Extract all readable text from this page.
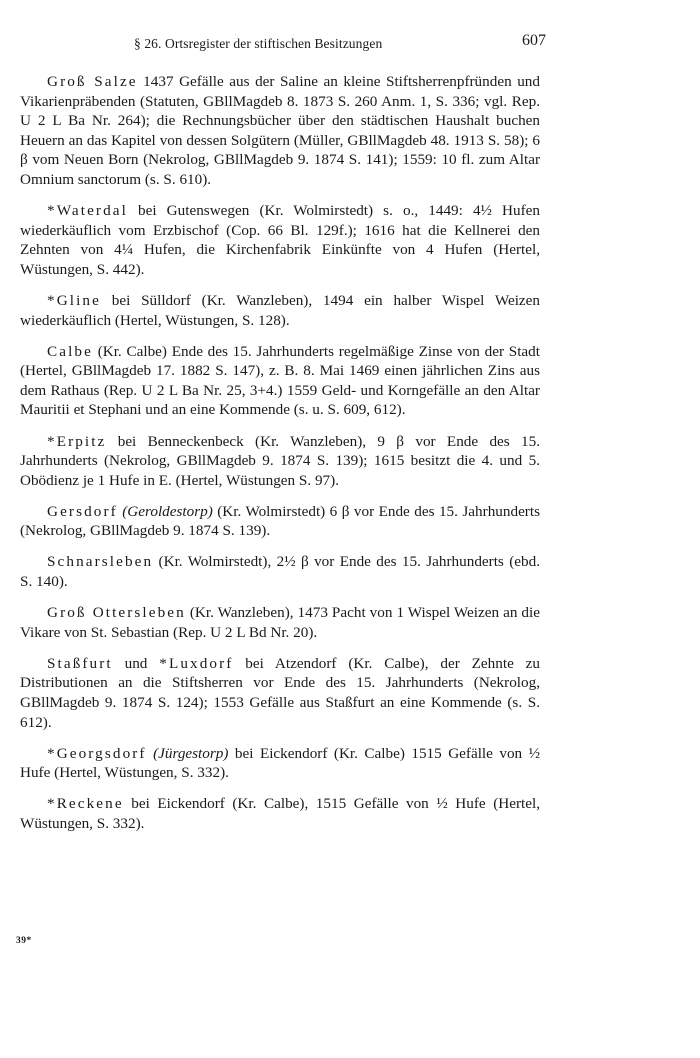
§ 26. Ortsregister der stiftischen Besitzungen	607

Groß Salze 1437 Gefälle aus der Saline an kleine Stiftsherrenpfründen und Vikarienpräbenden (Statuten, GBllMagdeb 8. 1873 S. 260 Anm. 1, S. 336; vgl. Rep. U 2 L Ba Nr. 264); die Rechnungsbücher über den städtischen Haushalt buchen Heuern an das Kapitel von dessen Solgütern (Müller, GBllMagdeb 48. 1913 S. 58); 6 β vom Neuen Born (Nekrolog, GBllMagdeb 9. 1874 S. 141); 1559: 10 fl. zum Altar Omnium sanctorum (s. S. 610).

*Waterdal bei Gutenswegen (Kr. Wolmirstedt) s. o., 1449: 4½ Hufen wiederkäuflich vom Erzbischof (Cop. 66 Bl. 129f.); 1616 hat die Kellnerei den Zehnten von 4¼ Hufen, die Kirchenfabrik Einkünfte von 4 Hufen (Hertel, Wüstungen, S. 442).

*Gline bei Sülldorf (Kr. Wanzleben), 1494 ein halber Wispel Weizen wiederkäuflich (Hertel, Wüstungen, S. 128).

Calbe (Kr. Calbe) Ende des 15. Jahrhunderts regelmäßige Zinse von der Stadt (Hertel, GBllMagdeb 17. 1882 S. 147), z. B. 8. Mai 1469 einen jährlichen Zins aus dem Rathaus (Rep. U 2 L Ba Nr. 25, 3+4.) 1559 Geld- und Korngefälle an den Altar Mauritii et Stephani und an eine Kommende (s. u. S. 609, 612).

*Erpitz bei Benneckenbeck (Kr. Wanzleben), 9 β vor Ende des 15. Jahrhunderts (Nekrolog, GBllMagdeb 9. 1874 S. 139); 1615 besitzt die 4. und 5. Obödienz je 1 Hufe in E. (Hertel, Wüstungen S. 97).

Gersdorf (Geroldestorp) (Kr. Wolmirstedt) 6 β vor Ende des 15. Jahrhunderts (Nekrolog, GBllMagdeb 9. 1874 S. 139).

Schnarsleben (Kr. Wolmirstedt), 2½ β vor Ende des 15. Jahrhunderts (ebd. S. 140).

Groß Ottersleben (Kr. Wanzleben), 1473 Pacht von 1 Wispel Weizen an die Vikare von St. Sebastian (Rep. U 2 L Bd Nr. 20).

Staßfurt und *Luxdorf bei Atzendorf (Kr. Calbe), der Zehnte zu Distributionen an die Stiftsherren vor Ende des 15. Jahrhunderts (Nekrolog, GBllMagdeb 9. 1874 S. 124); 1553 Gefälle aus Staßfurt an eine Kommende (s. S. 612).

*Georgsdorf (Jürgestorp) bei Eickendorf (Kr. Calbe) 1515 Gefälle von ½ Hufe (Hertel, Wüstungen, S. 332).

*Reckene bei Eickendorf (Kr. Calbe), 1515 Gefälle von ½ Hufe (Hertel, Wüstungen, S. 332).

39*
